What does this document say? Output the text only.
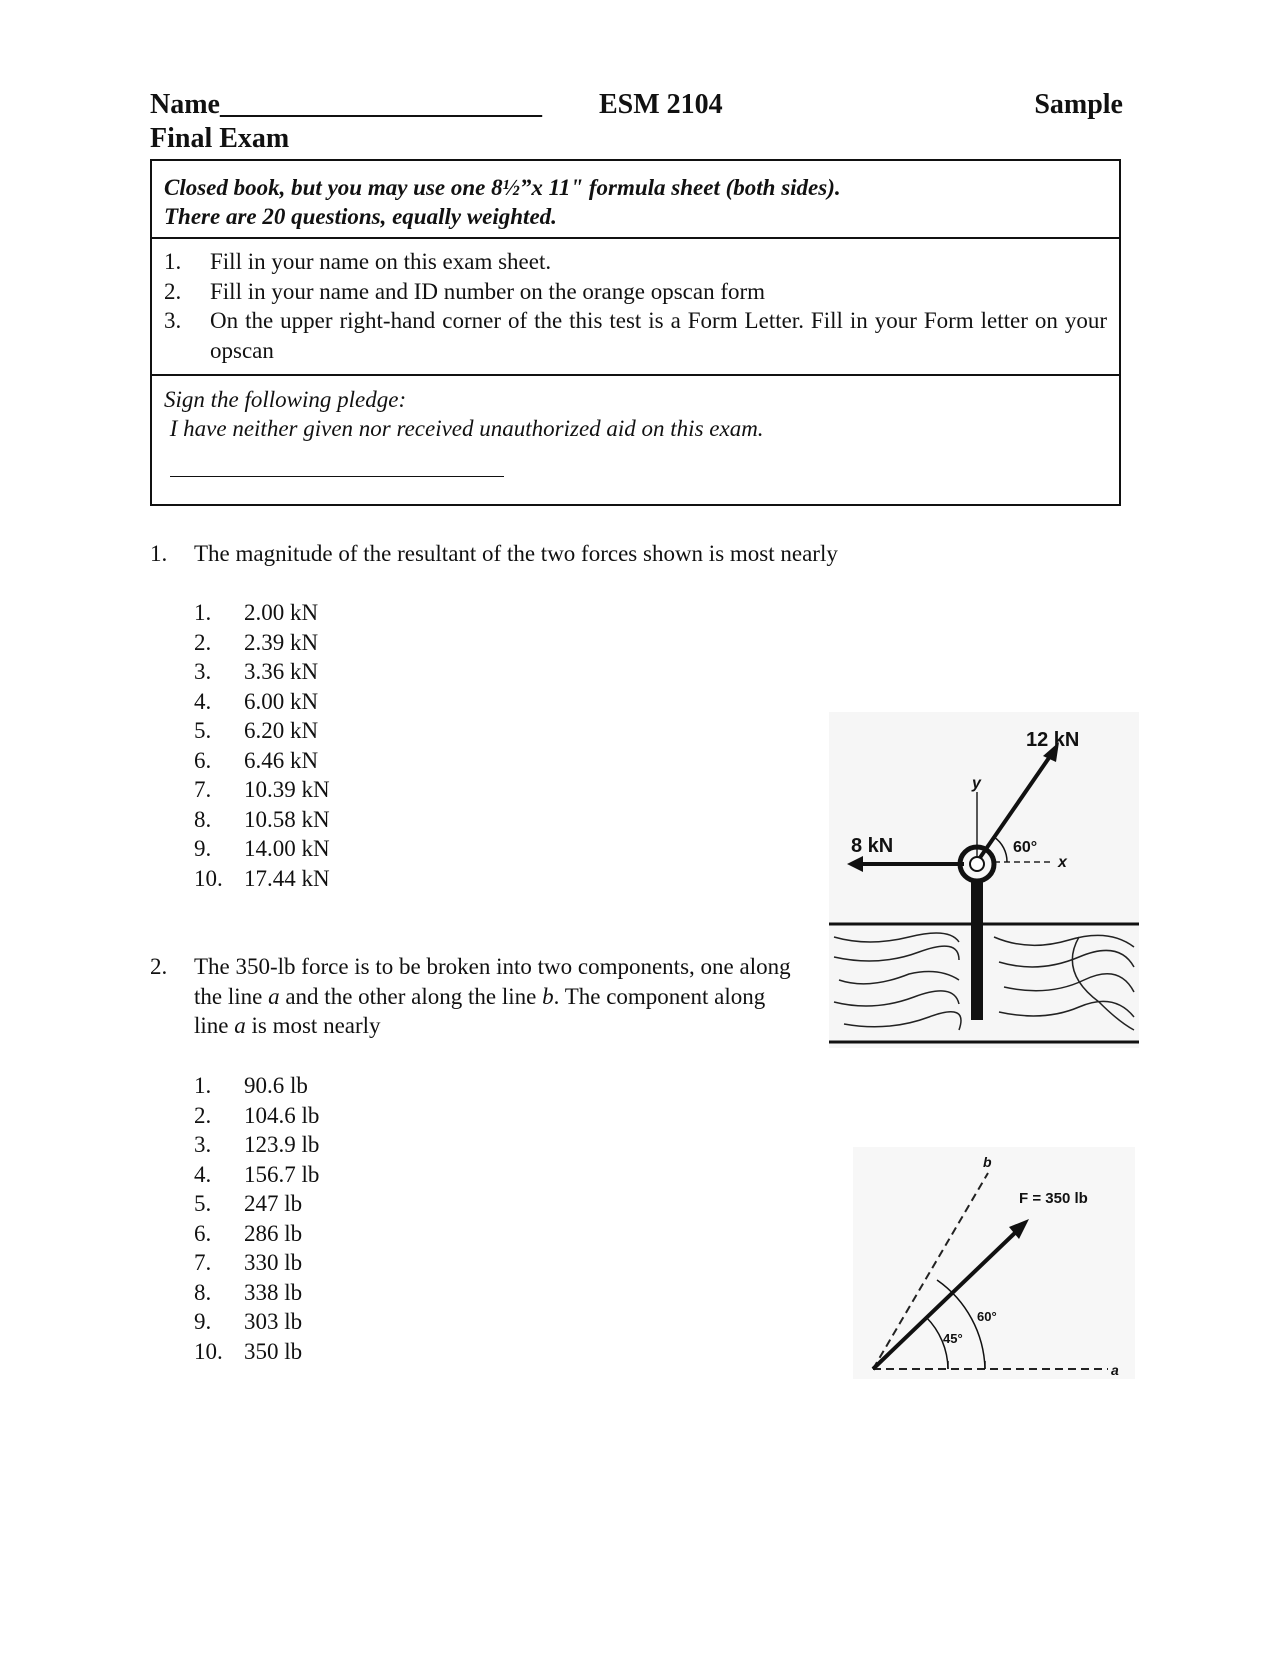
Name_______________________ ESM 2104	Sample
Final Exam
Closed book, but you may use one 8½”x 11" formula sheet (both sides).
There are 20 questions, equally weighted.
1.	Fill in your name on this exam sheet.
2.	Fill in your name and ID number on the orange opscan form
3.	On the upper right-hand corner of the this test is a Form Letter. Fill in your Form letter on your opscan
Sign the following pledge:
I have neither given nor received unauthorized aid on this exam.
1. The magnitude of the resultant of the two forces shown is most nearly
1.	2.00 kN
2.	2.39 kN
3.	3.36 kN
4.	6.00 kN
5.	6.20 kN
6.	6.46 kN
7.	10.39 kN
8.	10.58 kN
9.	14.00 kN
10. 17.44 kN
12 kN
8 kN	60°
y
x
2. The 350-lb force is to be broken into two components, one along the line a and the other along the line b. The component along line a is most nearly
1.	90.6 lb
2.	104.6 lb
3.	123.9 lb
4.	156.7 lb
5.	247 lb
6.	286 lb
7.	330 lb
8.	338 lb
9.	303 lb
10. 350 lb
F = 350 lb
b
a
60°
45°
